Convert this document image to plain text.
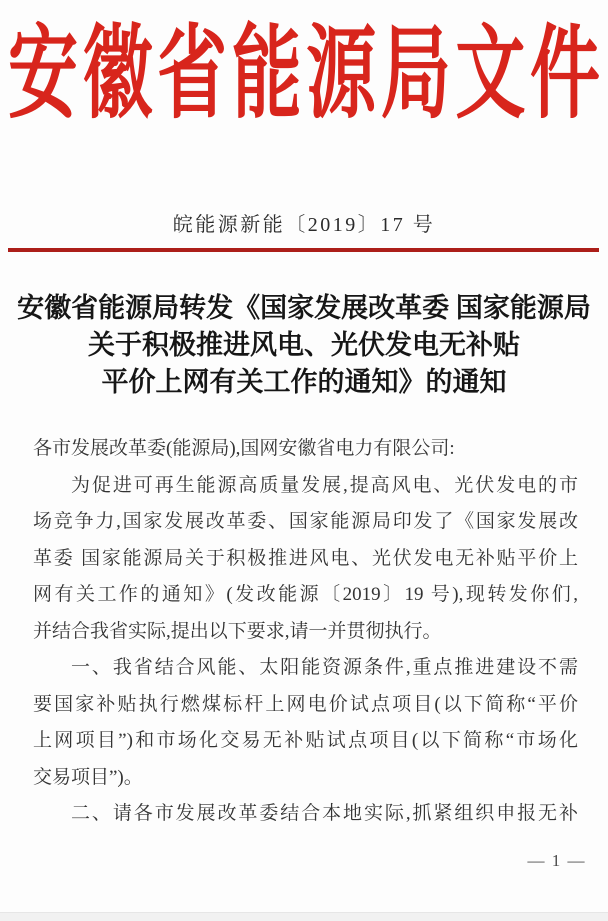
安 徽 省 能 源 局 文 件
皖能源新能〔2019〕17 号
安徽省能源局转发《国家发展改革委 国家能源局
关于积极推进风电、光伏发电无补贴
平价上网有关工作的通知》的通知
各市发展改革委(能源局),国网安徽省电力有限公司:
为促进可再生能源高质量发展,提高风电、光伏发电的市
场竞争力,国家发展改革委、国家能源局印发了《国家发展改
革委 国家能源局关于积极推进风电、光伏发电无补贴平价上
网有关工作的通知》(发改能源〔2019〕19 号),现转发你们,
并结合我省实际,提出以下要求,请一并贯彻执行。
一、我省结合风能、太阳能资源条件,重点推进建设不需
要国家补贴执行燃煤标杆上网电价试点项目(以下简称“平价
上网项目”)和市场化交易无补贴试点项目(以下简称“市场化
交易项目”)。
二、请各市发展改革委结合本地实际,抓紧组织申报无补
— 1 —
